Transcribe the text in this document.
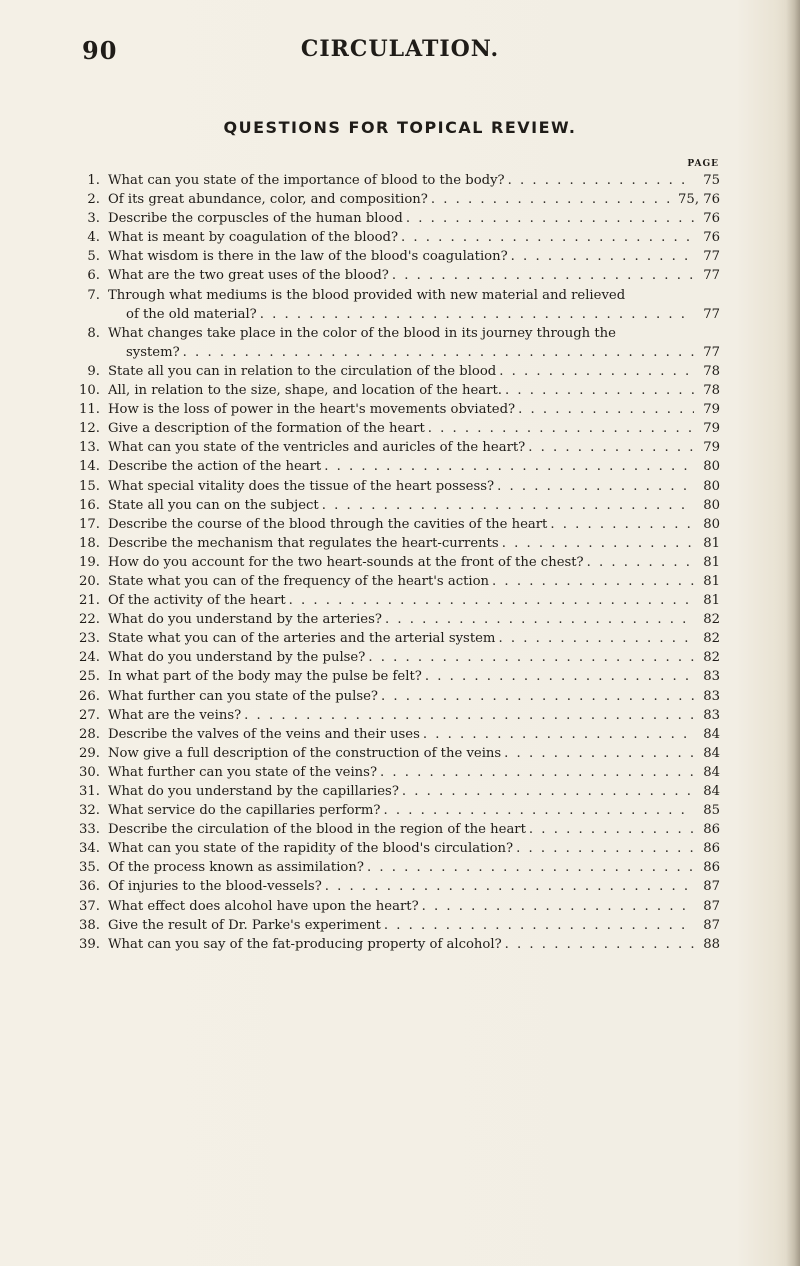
90	CIRCULATION.
QUESTIONS FOR TOPICAL REVIEW.
PAGE
1. What can you state of the importance of blood to the body? . . .	75
2. Of its great abundance, color, and composition? . . .	75, 76
3. Describe the corpuscles of the human blood . . .	76
4. What is meant by coagulation of the blood? . . .	76
5. What wisdom is there in the law of the blood's coagulation? . . .	77
6. What are the two great uses of the blood? . . .	77
7. Through what mediums is the blood provided with new material and relieved
of the old material? . . .	77
8. What changes take place in the color of the blood in its journey through the
system? . . .	77
9. State all you can in relation to the circulation of the blood . . .	78
10. All, in relation to the size, shape, and location of the heart. . . .	78
11. How is the loss of power in the heart's movements obviated? . . .	79
12. Give a description of the formation of the heart . . .	79
13. What can you state of the ventricles and auricles of the heart? . . .	79
14. Describe the action of the heart . . .	80
15. What special vitality does the tissue of the heart possess? . . .	80
16. State all you can on the subject . . .	80
17. Describe the course of the blood through the cavities of the heart . . .	80
18. Describe the mechanism that regulates the heart-currents . . .	81
19. How do you account for the two heart-sounds at the front of the chest? . . .	81
20. State what you can of the frequency of the heart's action . . .	81
21. Of the activity of the heart . . .	81
22. What do you understand by the arteries? . . .	82
23. State what you can of the arteries and the arterial system . . .	82
24. What do you understand by the pulse? . . .	82
25. In what part of the body may the pulse be felt? . . .	83
26. What further can you state of the pulse? . . .	83
27. What are the veins? . . .	83
28. Describe the valves of the veins and their uses . . .	84
29. Now give a full description of the construction of the veins . . .	84
30. What further can you state of the veins? . . .	84
31. What do you understand by the capillaries? . . .	84
32. What service do the capillaries perform? . . .	85
33. Describe the circulation of the blood in the region of the heart . . .	86
34. What can you state of the rapidity of the blood's circulation? . . .	86
35. Of the process known as assimilation? . . .	86
36. Of injuries to the blood-vessels? . . .	87
37. What effect does alcohol have upon the heart? . . .	87
38. Give the result of Dr. Parke's experiment . . .	87
39. What can you say of the fat-producing property of alcohol? . . .	88
